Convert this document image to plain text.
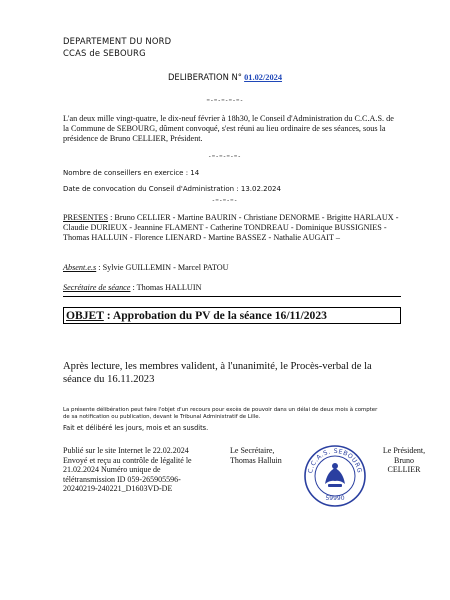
DEPARTEMENT DU NORD
CCAS de SEBOURG
DELIBERATION N° 01.02/2024
=-=-=-=-=-
L'an deux mille vingt-quatre, le dix-neuf février à 18h30, le Conseil d'Administration du C.C.A.S. de la Commune de SEBOURG, dûment convoqué, s'est réuni au lieu ordinaire de ses séances, sous la présidence de Bruno CELLIER, Président.
-=-=-=-=-
Nombre de conseillers en exercice : 14
Date de convocation du Conseil d'Administration : 13.02.2024
-=-=-=-
PRESENTES : Bruno CELLIER - Martine BAURIN - Christiane DENORME - Brigitte HARLAUX - Claudie DURIEUX - Jeannine FLAMENT - Catherine TONDREAU - Dominique BUSSIGNIES - Thomas HALLUIN - Florence LIENARD - Martine BASSEZ - Nathalie AUGAIT –
Absent.e.s : Sylvie GUILLEMIN - Marcel PATOU
Secrétaire de séance : Thomas HALLUIN
OBJET : Approbation du PV de la séance 16/11/2023
Après lecture, les membres valident, à l'unanimité, le Procès-verbal de la séance du 16.11.2023
La présente délibération peut faire l'objet d'un recours pour excès de pouvoir dans un délai de deux mois à compter
de sa notification ou publication, devant le Tribunal Administratif de Lille.
Fait et délibéré les jours, mois et an susdits.
Publié sur le site Internet le 22.02.2024
Envoyé et reçu au contrôle de légalité le
21.02.2024 Numéro unique de
télétransmission ID 059-265905596-
20240219-240221_D1603VD-DE
Le Secrétaire,
Thomas Halluin
Le Président,
Bruno CELLIER
C.C.A.S. SEBOURG
59990
